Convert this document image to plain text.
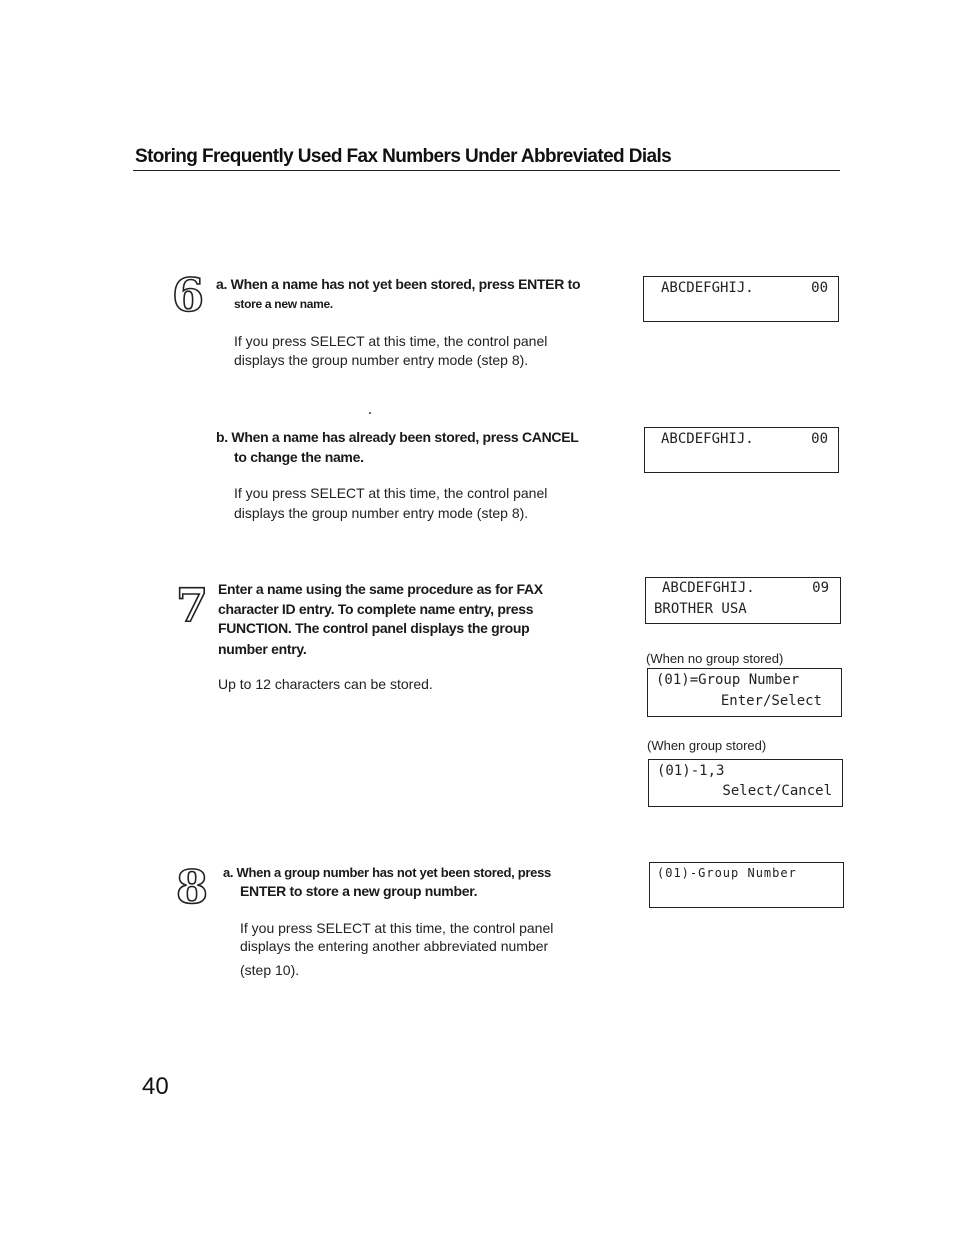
Storing Frequently Used Fax Numbers Under Abbreviated Dials
6 a. When a name has not yet been stored, press ENTER to
store a new name.
If you press SELECT at this time, the control panel
displays the group number entry mode (step 8).
ABCDEFGHIJ.	00
b. When a name has already been stored, press CANCEL
to change the name.
If you press SELECT at this time, the control panel
displays the group number entry mode (step 8).
ABCDEFGHIJ.	00
7 Enter a name using the same procedure as for FAX
character ID entry. To complete name entry, press
FUNCTION. The control panel displays the group
number entry.
Up to 12 characters can be stored.
ABCDEFGHIJ.	09
BROTHER USA
(When no group stored)
(01)=Group Number
Enter/Select
(When group stored)
(01)-1,3
Select/Cancel
8 a. When a group number has not yet been stored, press
ENTER to store a new group number.
If you press SELECT at this time, the control panel
displays the entering another abbreviated number
(step 10).
(01)-Group Number
40
